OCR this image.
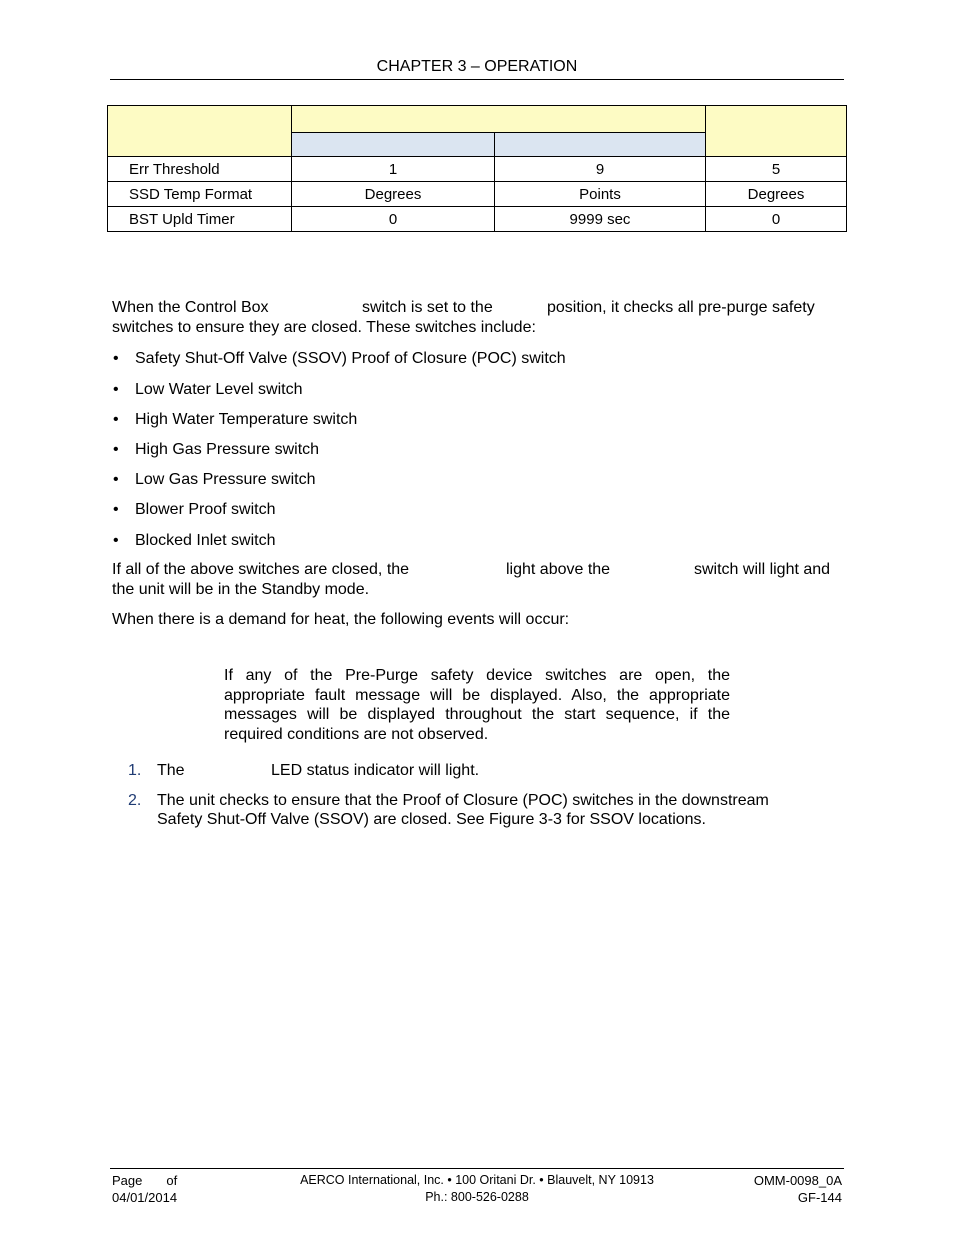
CHAPTER 3 – OPERATION

Err Threshold	1	9	5
SSD Temp Format	Degrees	Points	Degrees
BST Upld Timer	0	9999 sec	0
When the Control Box	switch is set to the	position, it checks all pre-purge safety

switches to ensure they are closed. These switches include:

• Safety Shut-Off Valve (SSOV) Proof of Closure (POC) switch
• Low Water Level switch
• High Water Temperature switch
• High Gas Pressure switch
• Low Gas Pressure switch
• Blower Proof switch
• Blocked Inlet switch
If all of the above switches are closed, the	light above the	switch will light and

the unit will be in the Standby mode.

When there is a demand for heat, the following events will occur:

If any of the Pre-Purge safety device switches are open, the appropriate fault message will be displayed. Also, the appropriate messages will be displayed throughout the start sequence, if the required conditions are not observed.

1. The	LED status indicator will light.
2. The unit checks to ensure that the Proof of Closure (POC) switches in the downstream
Safety Shut-Off Valve (SSOV) are closed. See Figure 3-3 for SSOV locations.
Page of
04/01/2014
AERCO International, Inc. • 100 Oritani Dr. • Blauvelt, NY 10913
Ph.: 800-526-0288
OMM-0098_0A
GF-144
